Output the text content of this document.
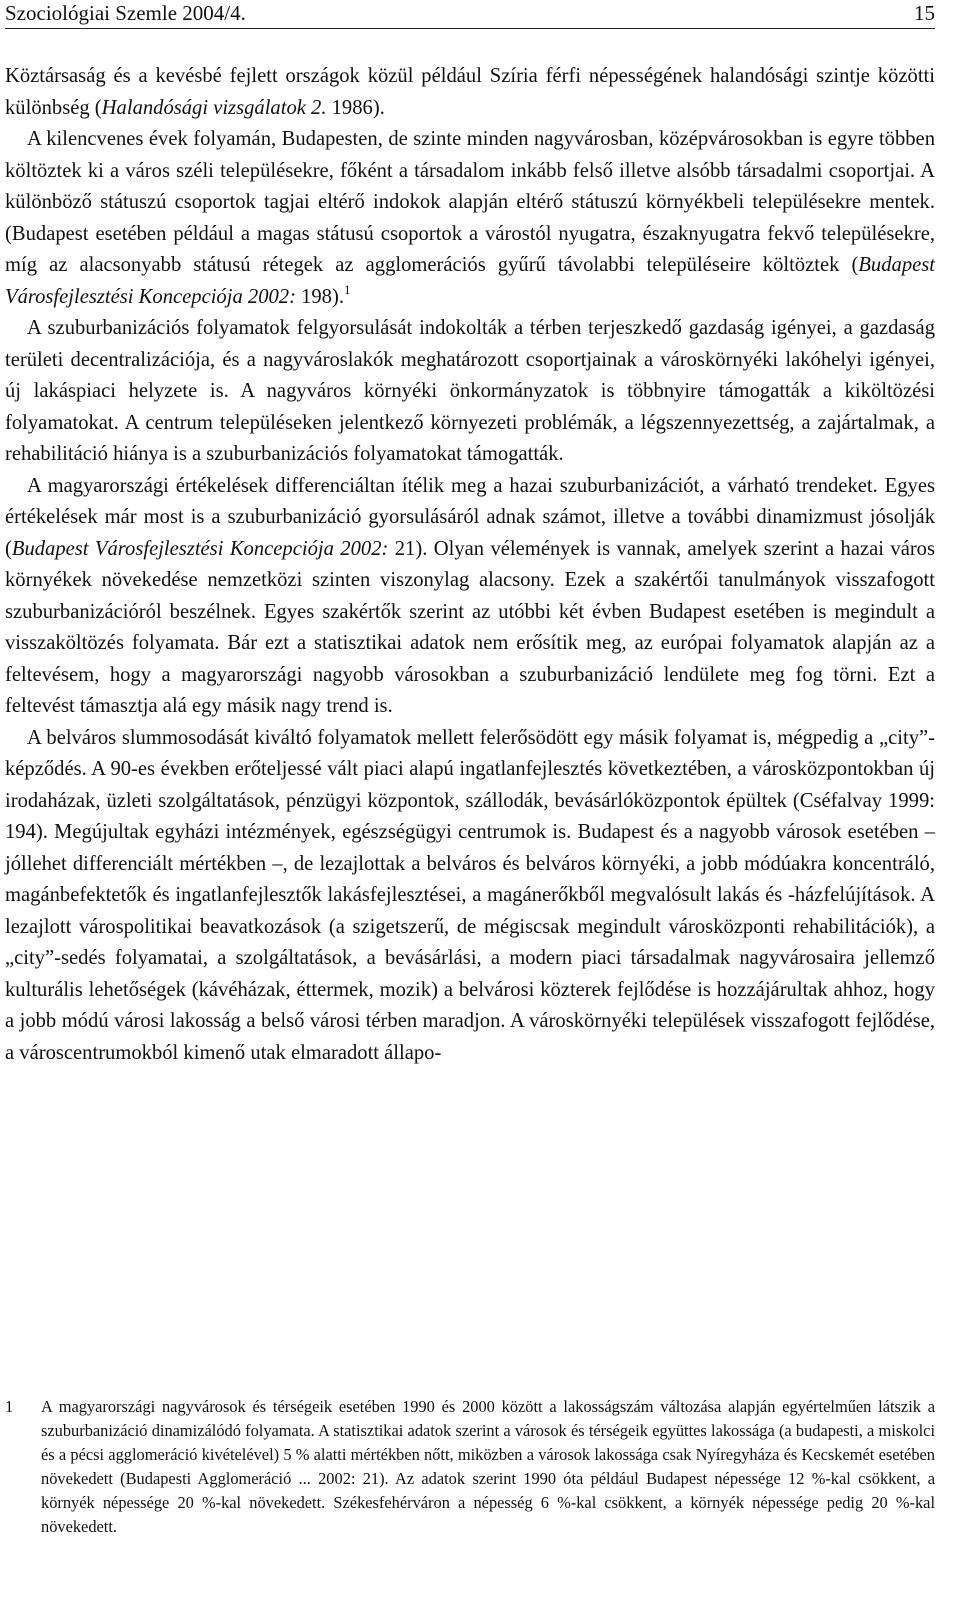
Szociológiai Szemle 2004/4.	15

Köztársaság és a kevésbé fejlett országok közül például Szíria férfi népességének halandósági szintje közötti különbség (Halandósági vizsgálatok 2. 1986).

A kilencvenes évek folyamán, Budapesten, de szinte minden nagyvárosban, középvárosokban is egyre többen költöztek ki a város széli településekre, főként a társadalom inkább felső illetve alsóbb társadalmi csoportjai. A különböző státuszú csoportok tagjai eltérő indokok alapján eltérő státuszú környékbeli településekre mentek. (Budapest esetében például a magas státusú csoportok a várostól nyugatra, északnyugatra fekvő településekre, míg az alacsonyabb státusú rétegek az agglomerációs gyűrű távolabbi településeire költöztek (Budapest Városfejlesztési Koncepciója 2002: 198).$^1$

A szuburbanizációs folyamatok felgyorsulását indokolták a térben terjeszkedő gazdaság igényei, a gazdaság területi decentralizációja, és a nagyvároslakók meghatározott csoportjainak a városkörnyéki lakóhelyi igényei, új lakáspiaci helyzete is. A nagyváros környéki önkormányzatok is többnyire támogatták a kiköltözési folyamatokat. A centrum településeken jelentkező környezeti problémák, a légszennyezettség, a zajártalmak, a rehabilitáció hiánya is a szuburbanizációs folyamatokat támogatták.

A magyarországi értékelések differenciáltan ítélik meg a hazai szuburbanizációt, a várható trendeket. Egyes értékelések már most is a szuburbanizáció gyorsulásáról adnak számot, illetve a további dinamizmust jósolják (Budapest Városfejlesztési Koncepciója 2002: 21). Olyan vélemények is vannak, amelyek szerint a hazai város környékek növekedése nemzetközi szinten viszonylag alacsony. Ezek a szakértői tanulmányok visszafogott szuburbanizációról beszélnek. Egyes szakértők szerint az utóbbi két évben Budapest esetében is megindult a visszaköltözés folyamata. Bár ezt a statisztikai adatok nem erősítik meg, az európai folyamatok alapján az a feltevésem, hogy a magyarországi nagyobb városokban a szuburbanizáció lendülete meg fog törni. Ezt a feltevést támasztja alá egy másik nagy trend is.

A belváros slummosodását kiváltó folyamatok mellett felerősödött egy másik folyamat is, mégpedig a „city”-képződés. A 90-es években erőteljessé vált piaci alapú ingatlanfejlesztés következtében, a városközpontokban új irodaházak, üzleti szolgáltatások, pénzügyi központok, szállodák, bevásárlóközpontok épültek (Cséfalvay 1999: 194). Megújultak egyházi intézmények, egészségügyi centrumok is. Budapest és a nagyobb városok esetében – jóllehet differenciált mértékben –, de lezajlottak a belváros és belváros környéki, a jobb módúakra koncentráló, magánbefektetők és ingatlanfejlesztők lakásfejlesztései, a magánerőkből megvalósult lakás és -házfelújítások. A lezajlott várospolitikai beavatkozások (a szigetszerű, de mégiscsak megindult városközponti rehabilitációk), a „city”-sedés folyamatai, a szolgáltatások, a bevásárlási, a modern piaci társadalmak nagyvárosaira jellemző kulturális lehetőségek (kávéházak, éttermek, mozik) a belvárosi közterek fejlődése is hozzájárultak ahhoz, hogy a jobb módú városi lakosság a belső városi térben maradjon. A városkörnyéki települések visszafogott fejlődése, a városcentrumokból kimenő utak elmaradott állapo-

1 A magyarországi nagyvárosok és térségeik esetében 1990 és 2000 között a lakosságszám változása alapján egyértelműen látszik a szuburbanizáció dinamizálódó folyamata. A statisztikai adatok szerint a városok és térségeik együttes lakossága (a budapesti, a miskolci és a pécsi agglomeráció kivételével) 5 % alatti mértékben nőtt, miközben a városok lakossága csak Nyíregyháza és Kecskemét esetében növekedett (Budapesti Agglomeráció ... 2002: 21). Az adatok szerint 1990 óta például Budapest népessége 12 %-kal csökkent, a környék népessége 20 %-kal növekedett. Székesfehérváron a népesség 6 %-kal csökkent, a környék népessége pedig 20 %-kal növekedett.
